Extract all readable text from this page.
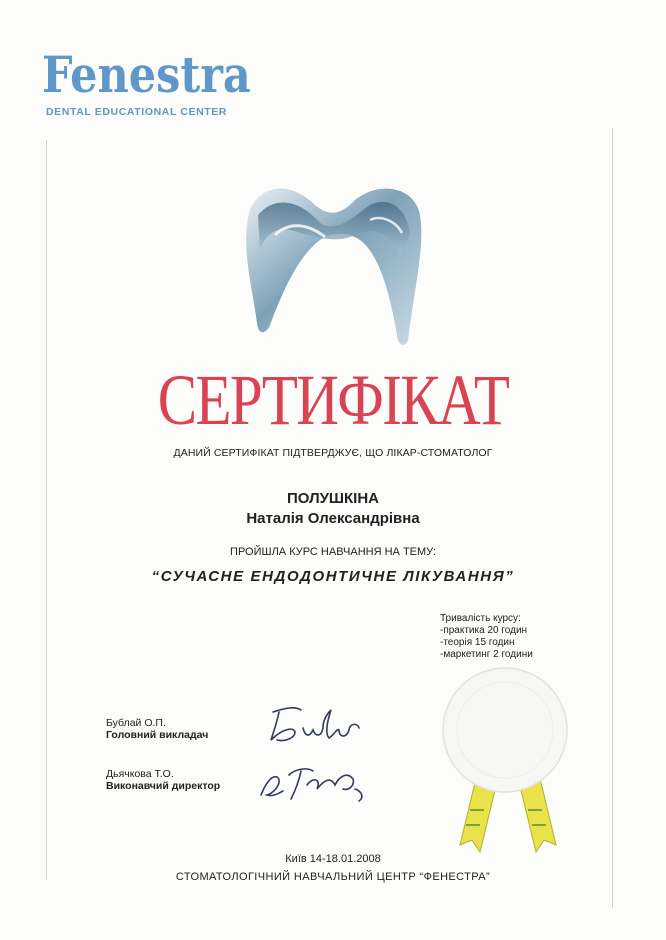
Fenestra
DENTAL EDUCATIONAL CENTER
СЕРТИФІКАТ
ДАНИЙ СЕРТИФІКАТ ПІДТВЕРДЖУЄ, ЩО ЛІКАР-СТОМАТОЛОГ
ПОЛУШКІНА
Наталія Олександрівна
ПРОЙШЛА КУРС НАВЧАННЯ НА ТЕМУ:
“СУЧАСНЕ ЕНДОДОНТИЧНЕ ЛІКУВАННЯ”
Тривалість курсу:
-практика 20 годин
-теорія 15 годин
-маркетинг 2 години
Бублай О.П.
Головний викладач
Дьячкова Т.О.
Виконавчий директор
Київ 14-18.01.2008
СТОМАТОЛОГІЧНИЙ НАВЧАЛЬНИЙ ЦЕНТР “ФЕНЕСТРА”
